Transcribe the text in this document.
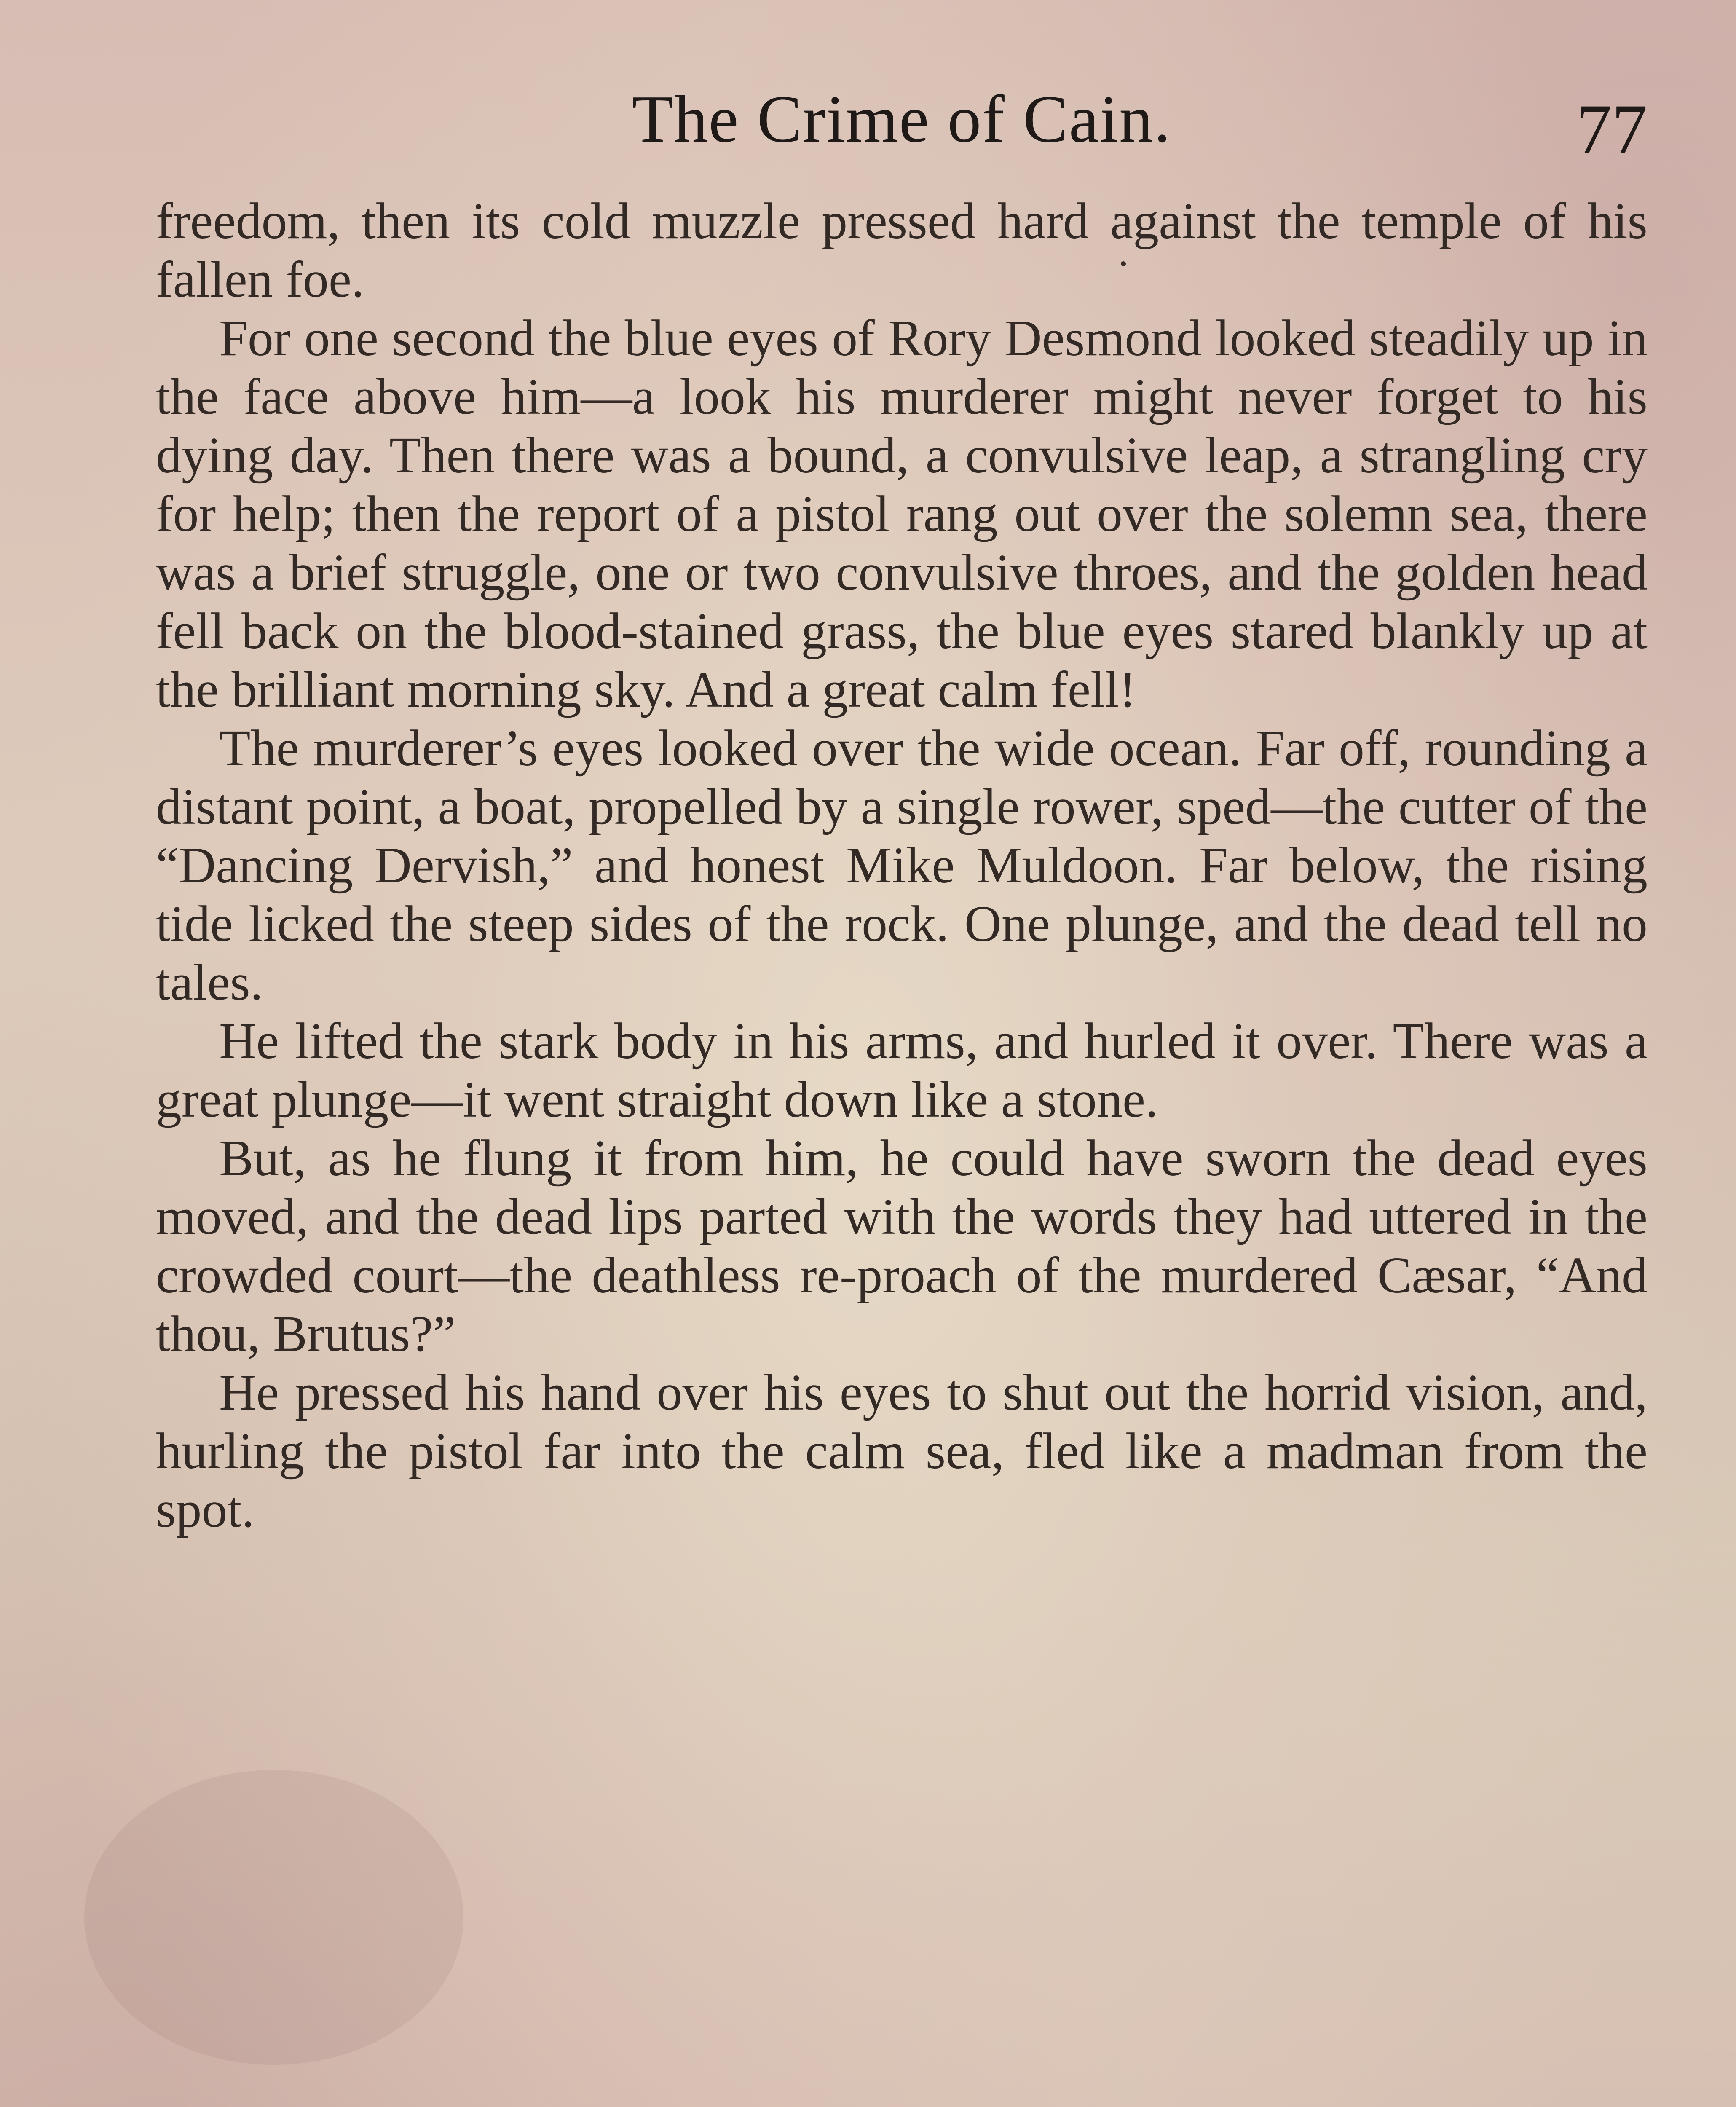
The Crime of Cain.	77

freedom, then its cold muzzle pressed hard against the temple of his fallen foe.

For one second the blue eyes of Rory Desmond looked steadily up in the face above him—a look his murderer might never forget to his dying day. Then there was a bound, a convulsive leap, a strangling cry for help; then the report of a pistol rang out over the solemn sea, there was a brief struggle, one or two convulsive throes, and the golden head fell back on the blood-stained grass, the blue eyes stared blankly up at the brilliant morning sky. And a great calm fell!

The murderer’s eyes looked over the wide ocean. Far off, rounding a distant point, a boat, propelled by a single rower, sped—the cutter of the “Dancing Dervish,” and honest Mike Muldoon. Far below, the rising tide licked the steep sides of the rock. One plunge, and the dead tell no tales.

He lifted the stark body in his arms, and hurled it over. There was a great plunge—it went straight down like a stone.

But, as he flung it from him, he could have sworn the dead eyes moved, and the dead lips parted with the words they had uttered in the crowded court—the deathless re-proach of the murdered Cæsar, “And thou, Brutus?”

He pressed his hand over his eyes to shut out the horrid vision, and, hurling the pistol far into the calm sea, fled like a madman from the spot.
